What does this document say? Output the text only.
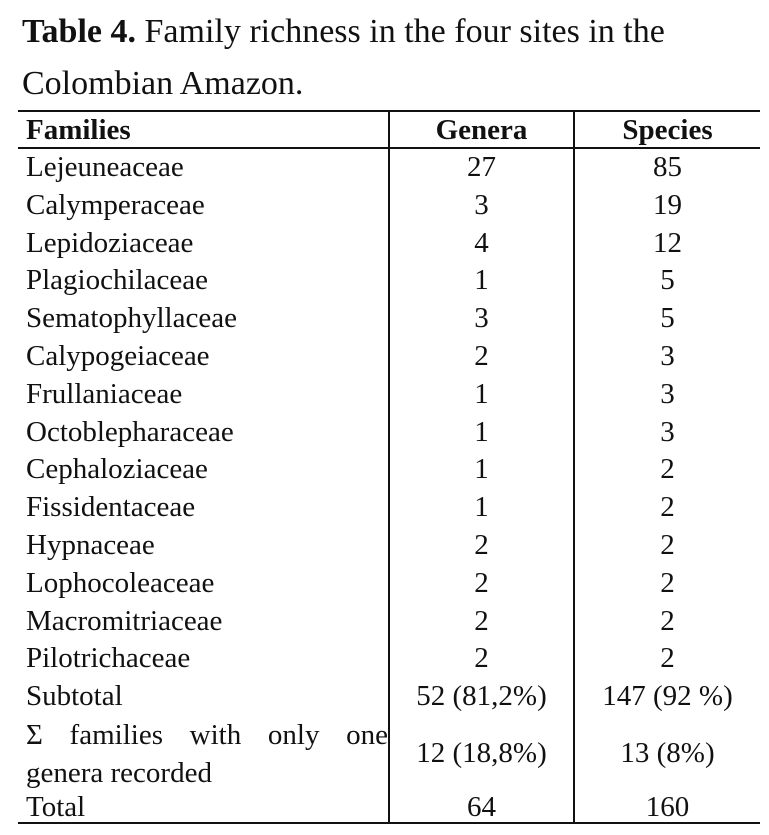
Table 4. Family richness in the four sites in the Colombian Amazon.
Families	Genera	Species
Lejeuneaceae	27	85
Calymperaceae	3	19
Lepidoziaceae	4	12
Plagiochilaceae	1	5
Sematophyllaceae	3	5
Calypogeiaceae	2	3
Frullaniaceae	1	3
Octoblepharaceae	1	3
Cephaloziaceae	1	2
Fissidentaceae	1	2
Hypnaceae	2	2
Lophocoleaceae	2	2
Macromitriaceae	2	2
Pilotrichaceae	2	2
Subtotal	52 (81,2%)	147 (92 %)

Σ families with only one
genera recorded	12 (18,8%)	13 (8%)
Total	64	160
